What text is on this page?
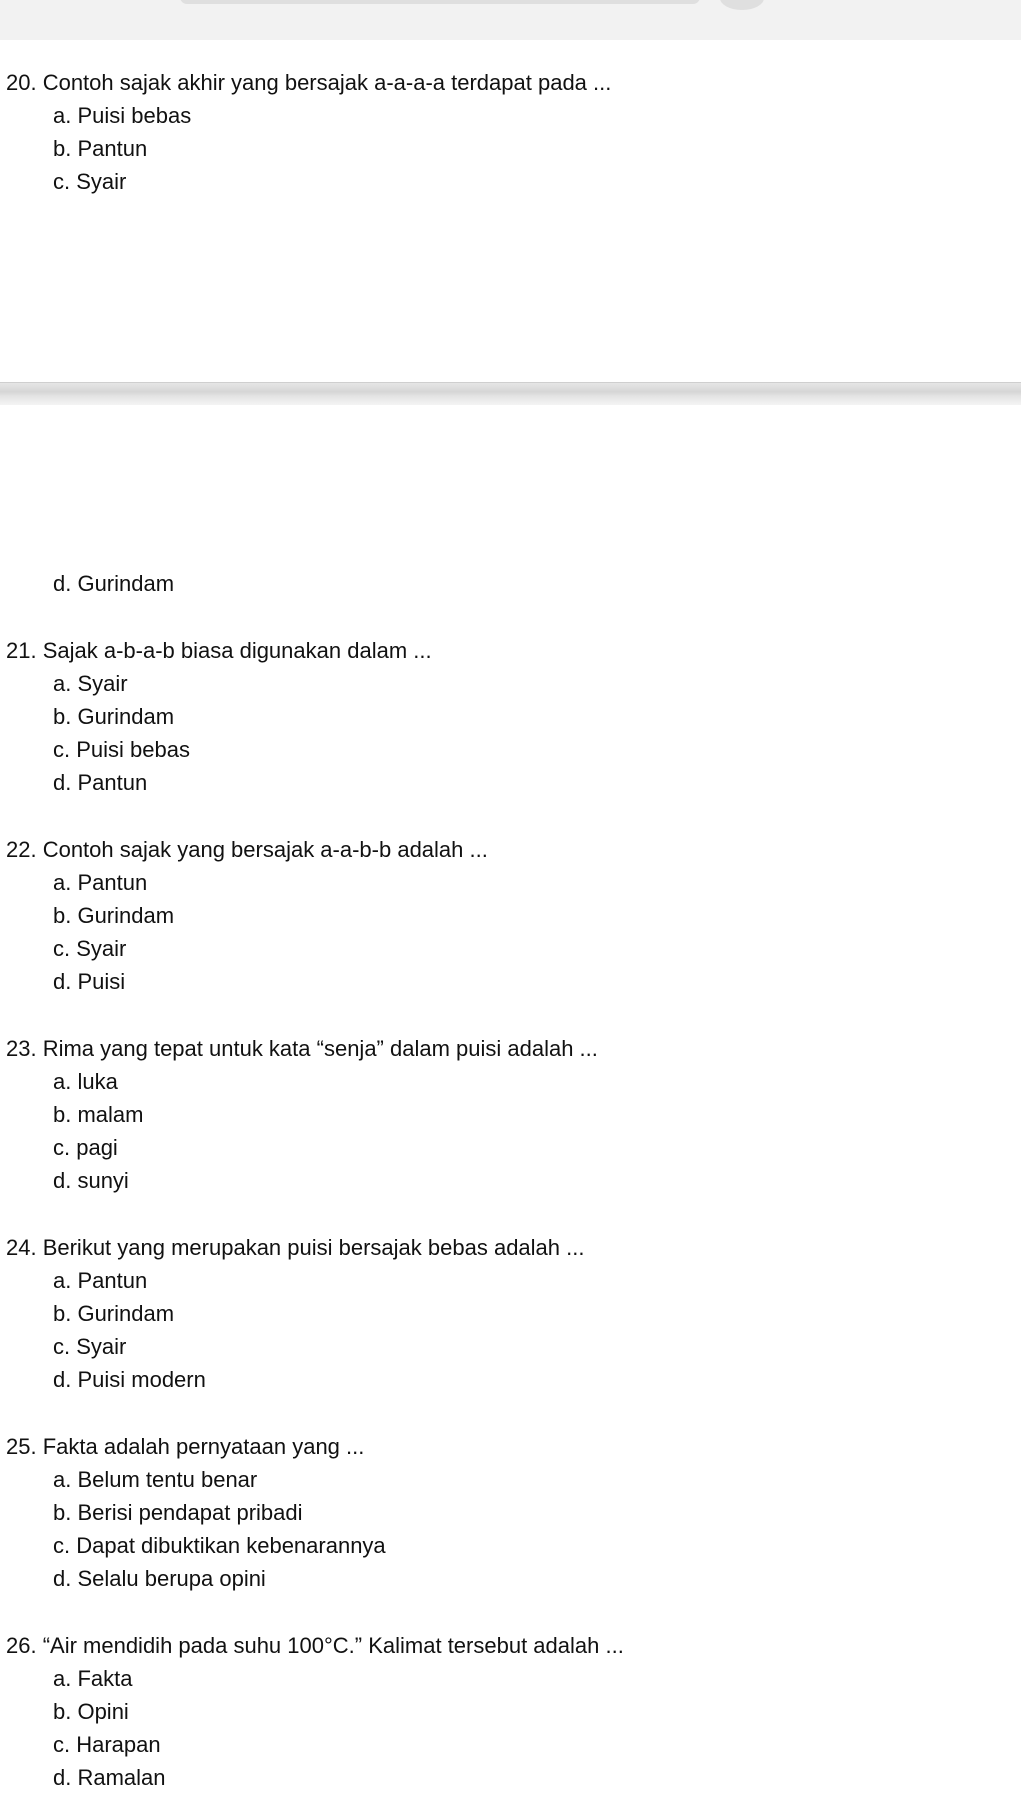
20. Contoh sajak akhir yang bersajak a-a-a-a terdapat pada ...
a. Puisi bebas
b. Pantun
c. Syair
d. Gurindam
21. Sajak a-b-a-b biasa digunakan dalam ...
a. Syair
b. Gurindam
c. Puisi bebas
d. Pantun
22. Contoh sajak yang bersajak a-a-b-b adalah ...
a. Pantun
b. Gurindam
c. Syair
d. Puisi
23. Rima yang tepat untuk kata “senja” dalam puisi adalah ...
a. luka
b. malam
c. pagi
d. sunyi
24. Berikut yang merupakan puisi bersajak bebas adalah ...
a. Pantun
b. Gurindam
c. Syair
d. Puisi modern
25. Fakta adalah pernyataan yang ...
a. Belum tentu benar
b. Berisi pendapat pribadi
c. Dapat dibuktikan kebenarannya
d. Selalu berupa opini
26. “Air mendidih pada suhu 100°C.” Kalimat tersebut adalah ...
a. Fakta
b. Opini
c. Harapan
d. Ramalan
